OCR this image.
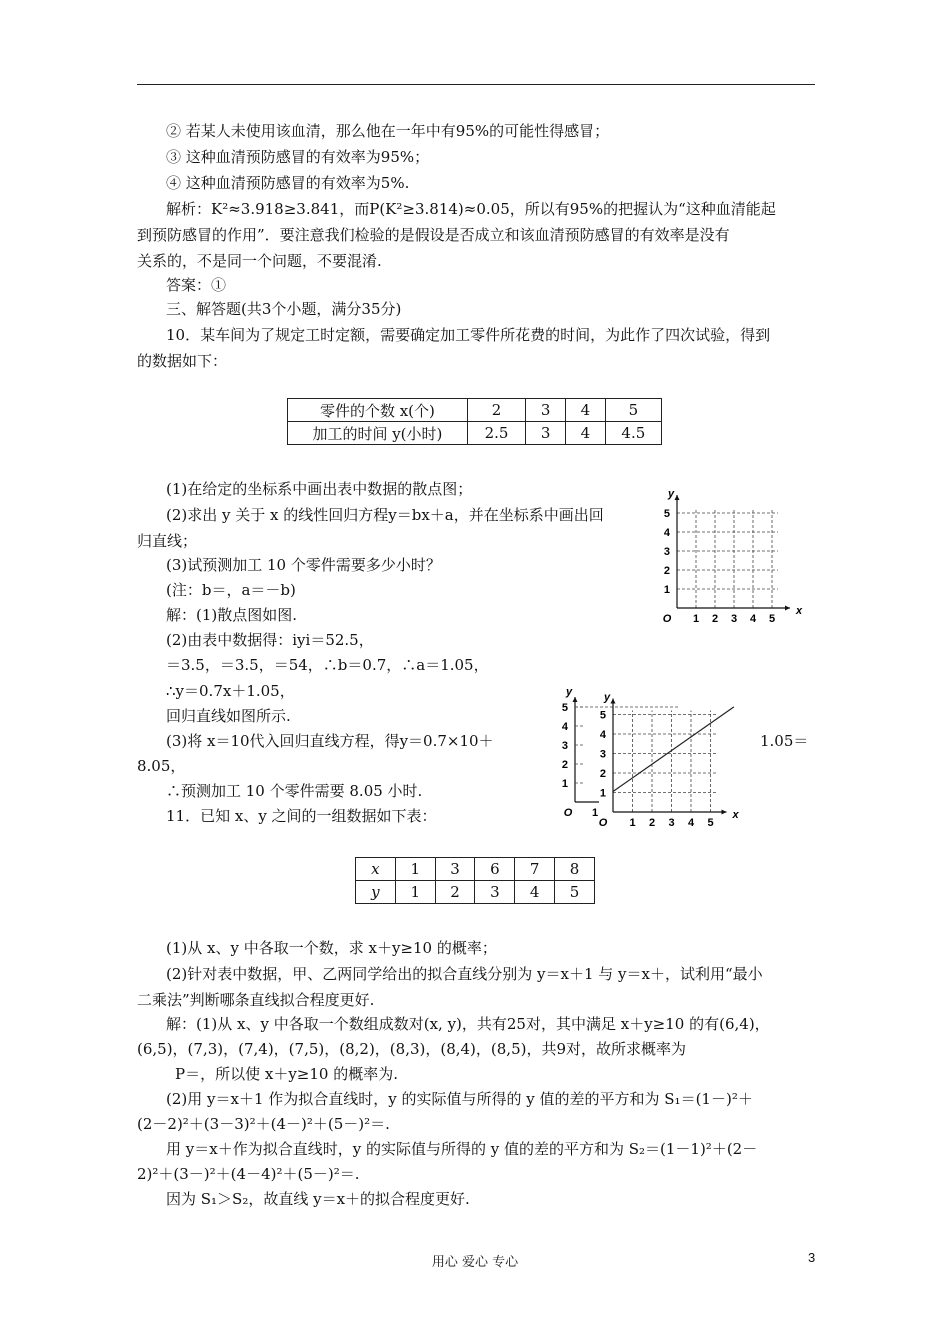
② 若某人未使用该血清，那么他在一年中有95%的可能性得感冒；
③ 这种血清预防感冒的有效率为95%；
④ 这种血清预防感冒的有效率为5%.
解析：K²≈3.918≥3.841，而P(K²≥3.814)≈0.05，所以有95%的把握认为“这种血清能起
到预防感冒的作用”．要注意我们检验的是假设是否成立和该血清预防感冒的有效率是没有
关系的，不是同一个问题，不要混淆.
答案：①
三、解答题(共3个小题，满分35分)
10．某车间为了规定工时定额，需要确定加工零件所花费的时间，为此作了四次试验，得到
的数据如下：
零件的个数 x(个)	2	3	4	5
加工的时间 y(小时)	2.5	3	4	4.5
(1)在给定的坐标系中画出表中数据的散点图；
(2)求出 y 关于 x 的线性回归方程y＝bx＋a，并在坐标系中画出回
归直线；
(3)试预测加工 10 个零件需要多少小时？
(注：b＝，a＝－b)
解：(1)散点图如图.
(2)由表中数据得：iyi＝52.5，
＝3.5，＝3.5，＝54，∴b＝0.7，∴a＝1.05，
∴y＝0.7x＋1.05，
回归直线如图所示.
(3)将 x＝10代入回归直线方程，得y＝0.7×10＋	1.05＝
8.05，
∴预测加工 10 个零件需要 8.05 小时.
11．已知 x、y 之间的一组数据如下表：
1 2 3 4 5
1
2
3
4
5
O
x
y
1
2
3
4
5
O 1
y
1 2 3 4 5
1
2
3
4
5
O
x
y
x	1	3	6	7	8
y	1	2	3	4	5
(1)从 x、y 中各取一个数，求 x＋y≥10 的概率；
(2)针对表中数据，甲、乙两同学给出的拟合直线分别为 y＝x＋1 与 y＝x＋，试利用“最小
二乘法”判断哪条直线拟合程度更好.
解：(1)从 x、y 中各取一个数组成数对(x, y)，共有25对，其中满足 x＋y≥10 的有(6,4)，
(6,5)，(7,3)，(7,4)，(7,5)，(8,2)，(8,3)，(8,4)，(8,5)，共9对，故所求概率为
P＝，所以使 x＋y≥10 的概率为.
(2)用 y＝x＋1 作为拟合直线时，y 的实际值与所得的 y 值的差的平方和为 S₁＝(1－)²＋
(2－2)²＋(3－3)²＋(4－)²＋(5－)²＝.
用 y＝x＋作为拟合直线时，y 的实际值与所得的 y 值的差的平方和为 S₂＝(1－1)²＋(2－
2)²＋(3－)²＋(4－4)²＋(5－)²＝.
因为 S₁＞S₂，故直线 y＝x＋的拟合程度更好.
用心 爱心 专心	3
